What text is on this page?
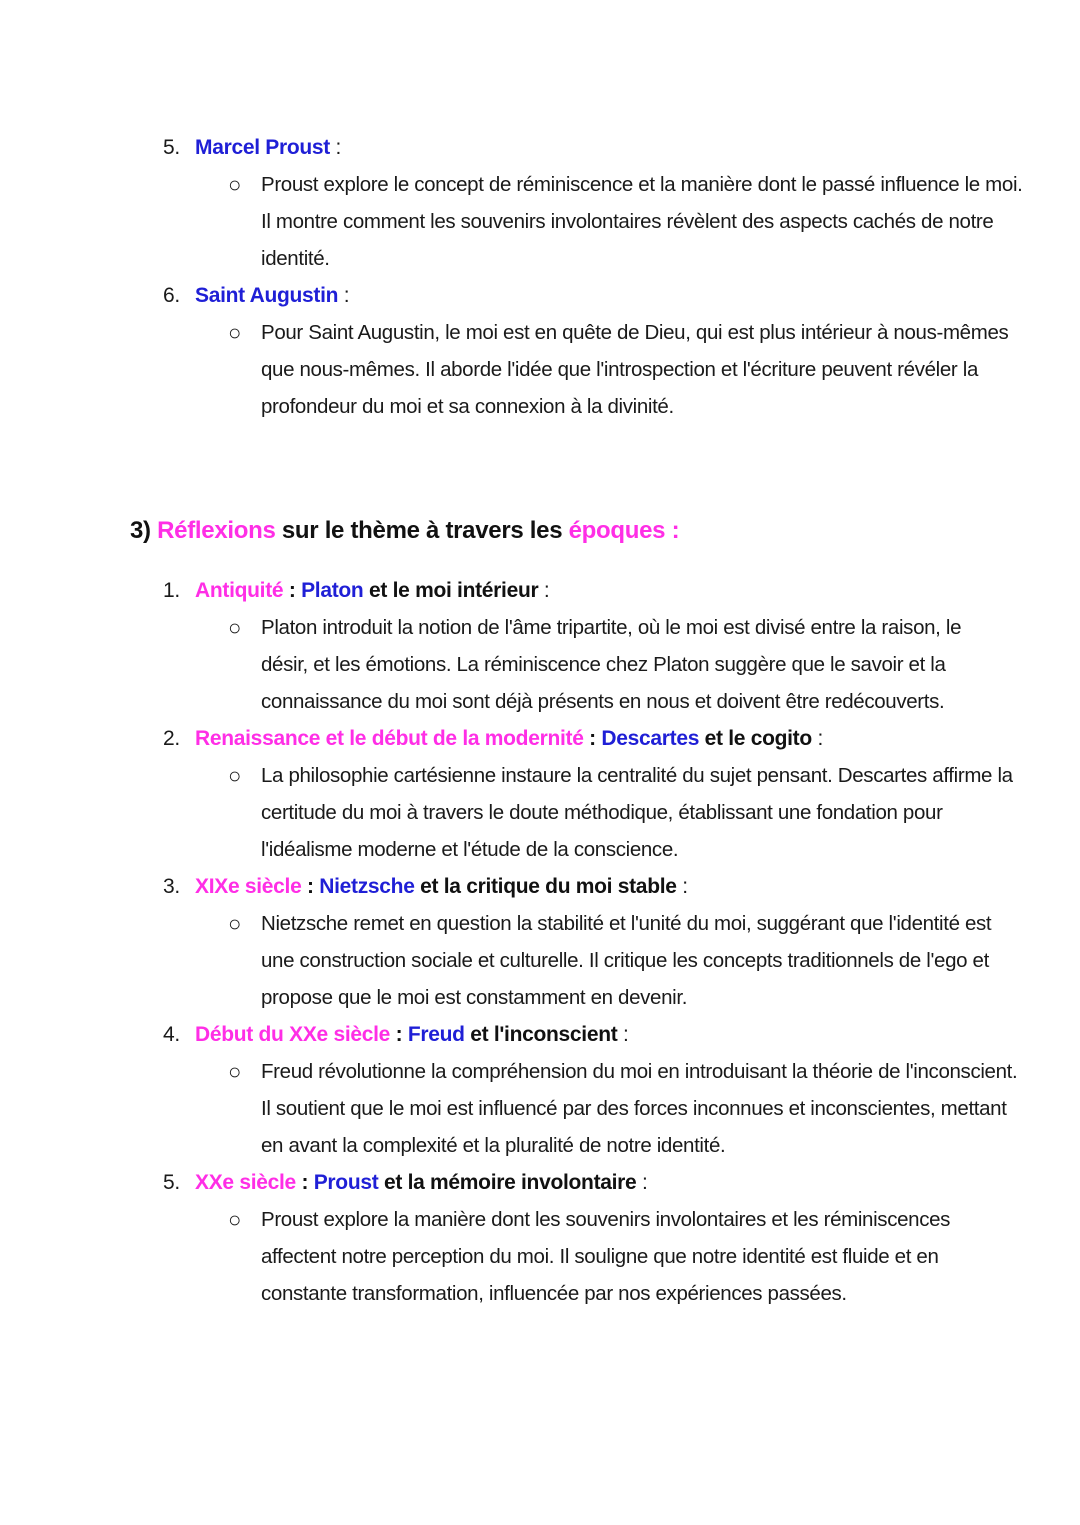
5. Marcel Proust :
○ Proust explore le concept de réminiscence et la manière dont le passé influence le moi.
Il montre comment les souvenirs involontaires révèlent des aspects cachés de notre
identité.
6. Saint Augustin :
○ Pour Saint Augustin, le moi est en quête de Dieu, qui est plus intérieur à nous-mêmes
que nous-mêmes. Il aborde l'idée que l'introspection et l'écriture peuvent révéler la
profondeur du moi et sa connexion à la divinité.
3) Réflexions sur le thème à travers les époques :
1. Antiquité : Platon et le moi intérieur :
○ Platon introduit la notion de l'âme tripartite, où le moi est divisé entre la raison, le
désir, et les émotions. La réminiscence chez Platon suggère que le savoir et la
connaissance du moi sont déjà présents en nous et doivent être redécouverts.
2. Renaissance et le début de la modernité : Descartes et le cogito :
○ La philosophie cartésienne instaure la centralité du sujet pensant. Descartes affirme la
certitude du moi à travers le doute méthodique, établissant une fondation pour
l'idéalisme moderne et l'étude de la conscience.
3. XIXe siècle : Nietzsche et la critique du moi stable :
○ Nietzsche remet en question la stabilité et l'unité du moi, suggérant que l'identité est
une construction sociale et culturelle. Il critique les concepts traditionnels de l'ego et
propose que le moi est constamment en devenir.
4. Début du XXe siècle : Freud et l'inconscient :
○ Freud révolutionne la compréhension du moi en introduisant la théorie de l'inconscient.
Il soutient que le moi est influencé par des forces inconnues et inconscientes, mettant
en avant la complexité et la pluralité de notre identité.
5. XXe siècle : Proust et la mémoire involontaire :
○ Proust explore la manière dont les souvenirs involontaires et les réminiscences
affectent notre perception du moi. Il souligne que notre identité est fluide et en
constante transformation, influencée par nos expériences passées.
